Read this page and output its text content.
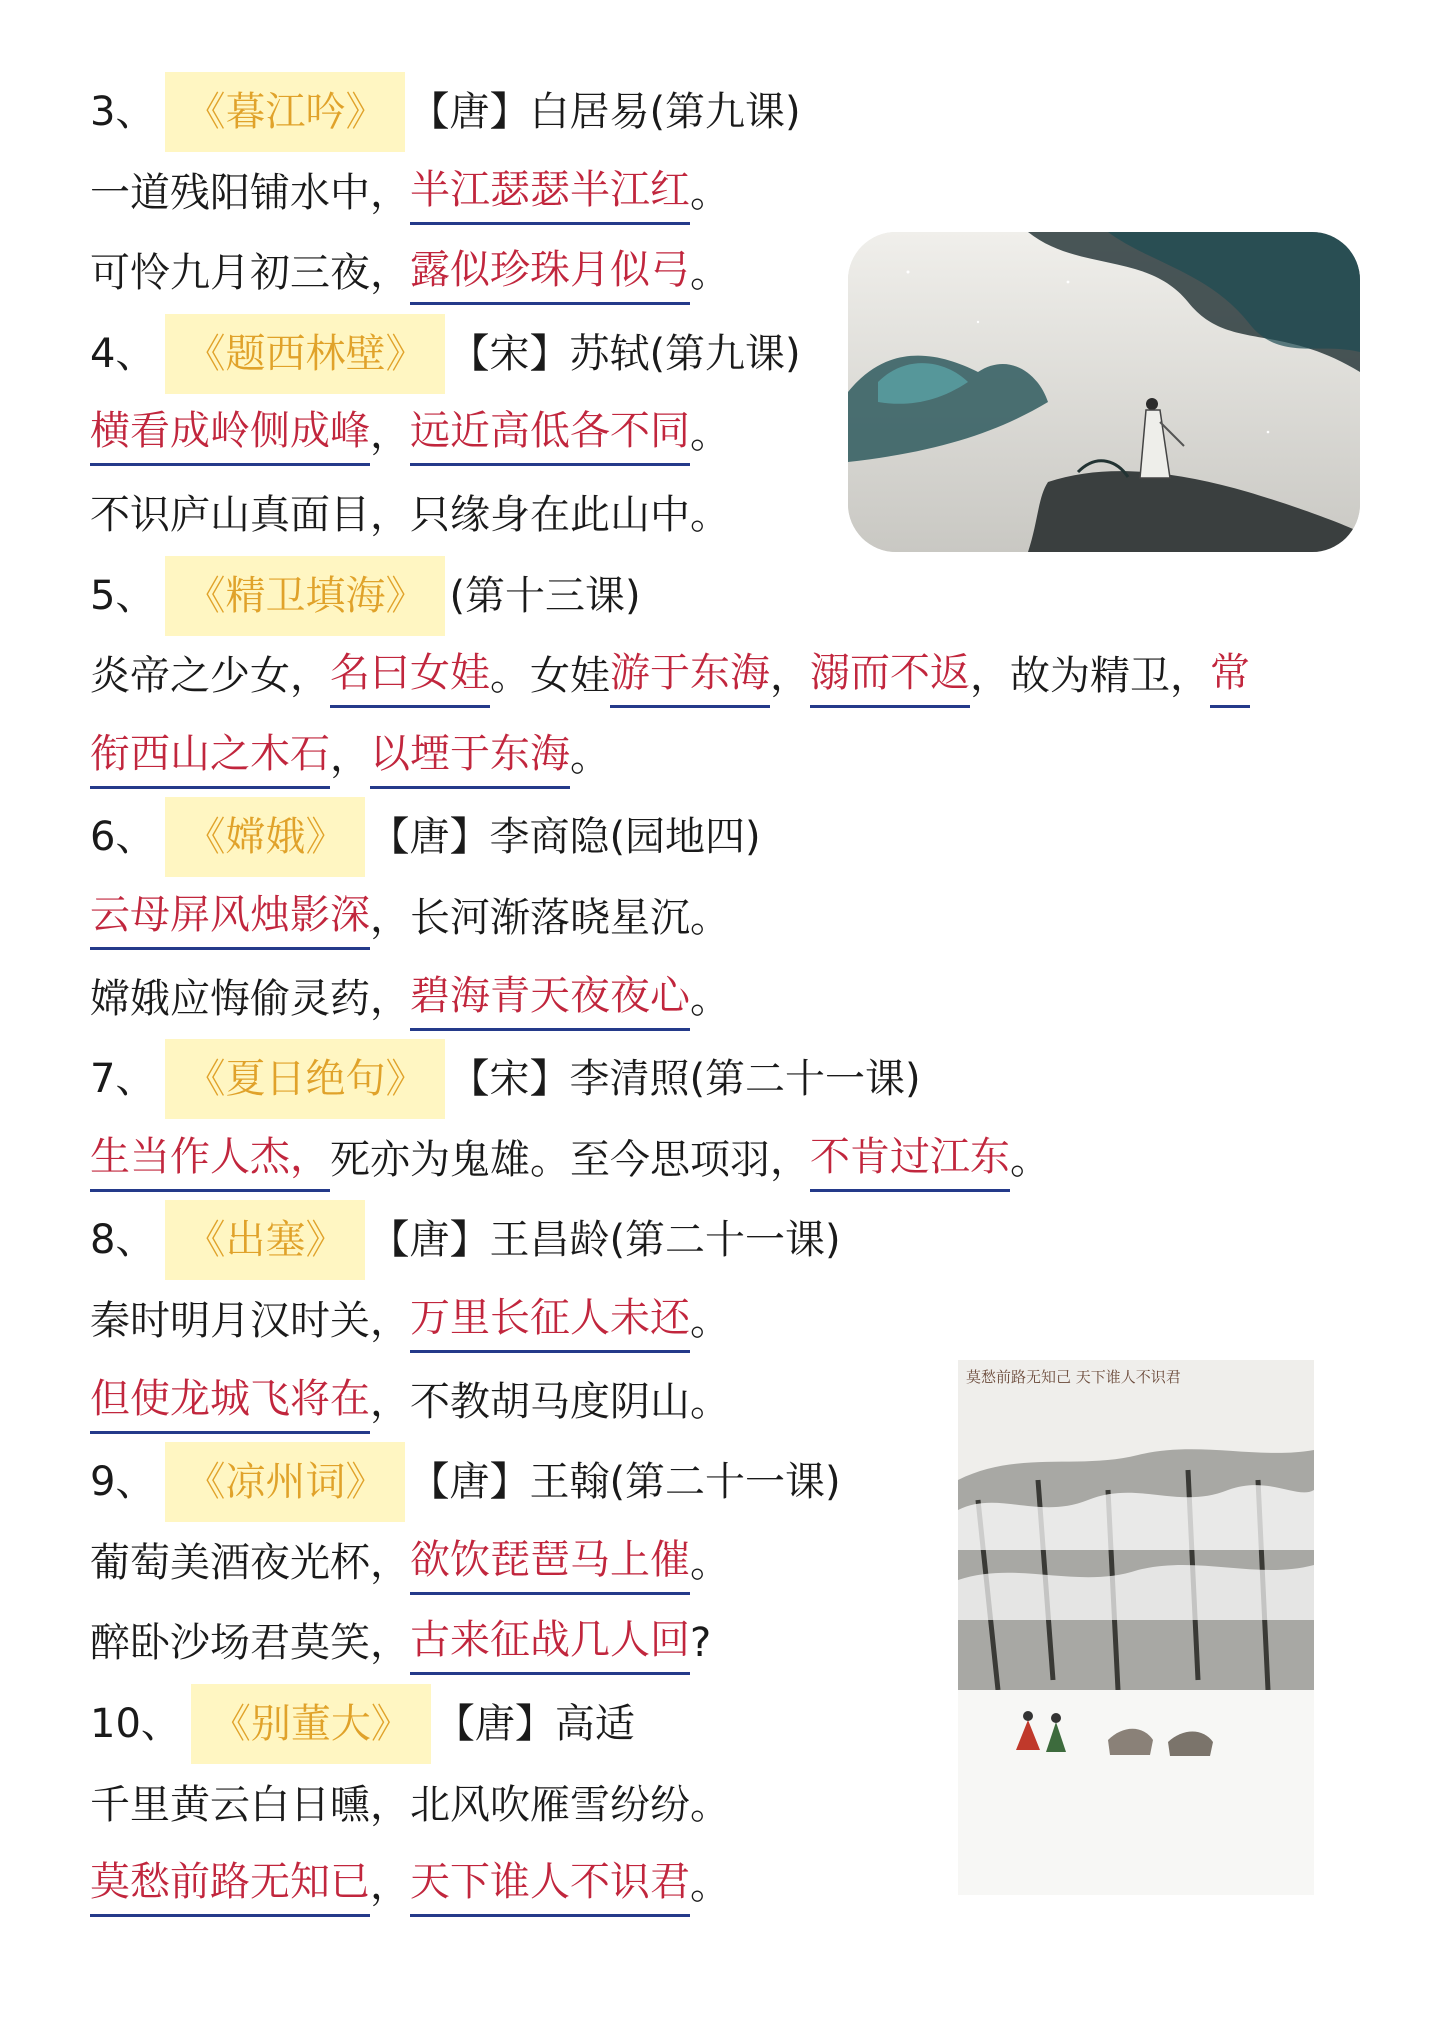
3、 《暮江吟》 【唐】白居易(第九课)
一道残阳铺水中，半江瑟瑟半江红。
可怜九月初三夜，露似珍珠月似弓。
4、 《题西林壁》 【宋】苏轼(第九课)
横看成岭侧成峰，远近高低各不同。
不识庐山真面目，只缘身在此山中。
5、 《精卫填海》 (第十三课)
炎帝之少女，名曰女娃。女娃游于东海，溺而不返，故为精卫，常
衔西山之木石，以堙于东海。
6、 《嫦娥》 【唐】李商隐(园地四)
云母屏风烛影深，长河渐落晓星沉。
嫦娥应悔偷灵药，碧海青天夜夜心。
7、 《夏日绝句》 【宋】李清照(第二十一课)
生当作人杰，死亦为鬼雄。至今思项羽，不肯过江东。
8、 《出塞》 【唐】王昌龄(第二十一课)
秦时明月汉时关，万里长征人未还。
但使龙城飞将在，不教胡马度阴山。
9、 《凉州词》 【唐】王翰(第二十一课)
葡萄美酒夜光杯，欲饮琵琶马上催。
醉卧沙场君莫笑，古来征战几人回?
10、 《别董大》 【唐】高适
千里黄云白日曛，北风吹雁雪纷纷。
莫愁前路无知已，天下谁人不识君。
莫愁前路无知己 天下谁人不识君
